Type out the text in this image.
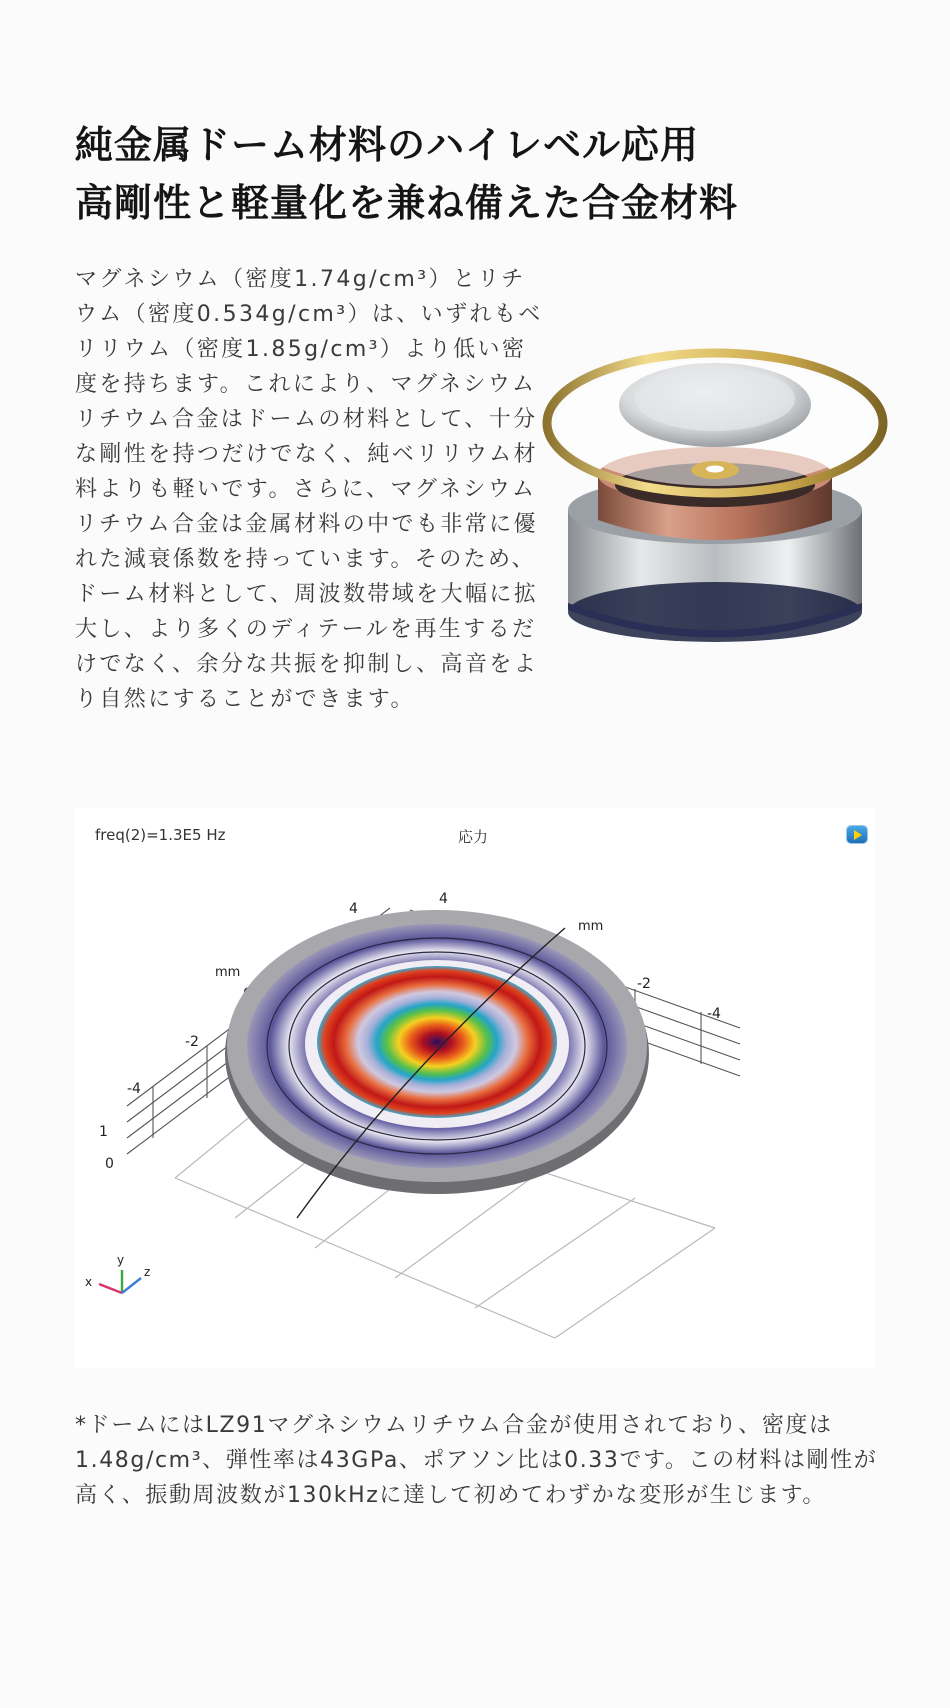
純金属ドーム材料のハイレベル応用
高剛性と軽量化を兼ね備えた合金材料
マグネシウム（密度1.74g/cm³）とリチウム（密度0.534g/cm³）は、いずれもベリリウム（密度1.85g/cm³）より低い密度を持ちます。これにより、マグネシウムリチウム合金はドームの材料として、十分な剛性を持つだけでなく、純ベリリウム材料よりも軽いです。さらに、マグネシウムリチウム合金は金属材料の中でも非常に優れた減衰係数を持っています。そのため、ドーム材料として、周波数帯域を大幅に拡大し、より多くのディテールを再生するだけでなく、余分な共振を抑制し、高音をより自然にすることができます。
freq(2)=1.3E5 Hz	応力
4
-2
-4
mm
1
0
4
-2
-4
mm
y
x
z
*ドームにはLZ91マグネシウムリチウム合金が使用されており、密度は1.48g/cm³、弾性率は43GPa、ポアソン比は0.33です。この材料は剛性が高く、振動周波数が130kHzに達して初めてわずかな変形が生じます。
